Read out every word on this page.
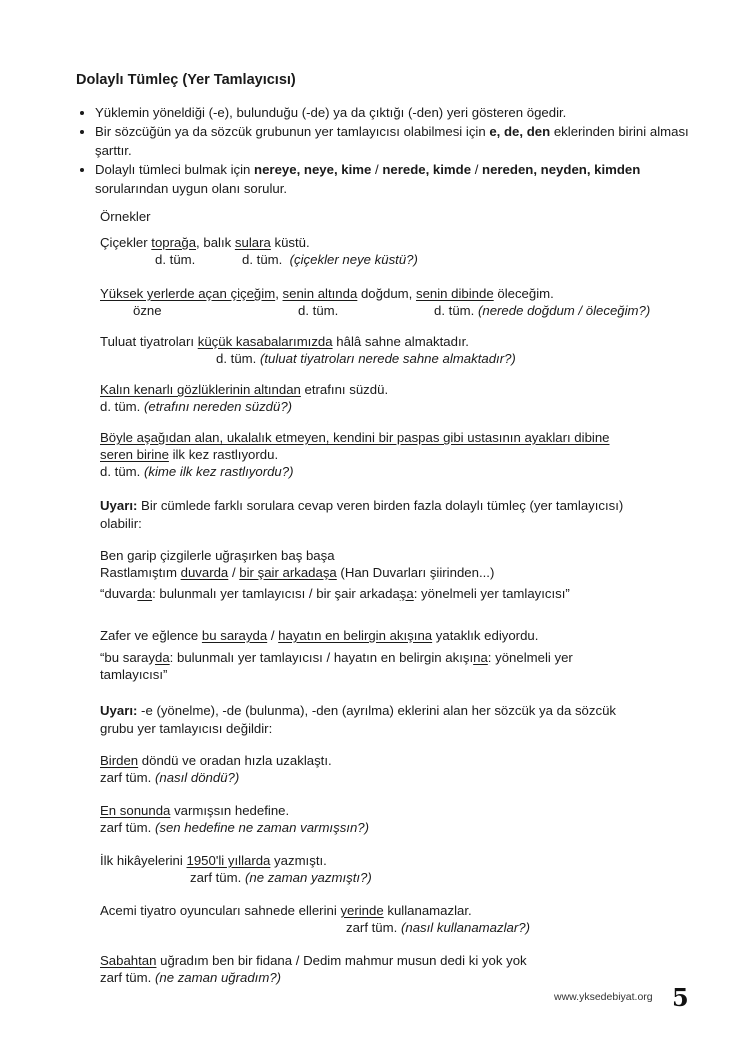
Dolaylı Tümleç (Yer Tamlayıcısı)
• Yüklemin yöneldiği (-e), bulunduğu (-de) ya da çıktığı (-den) yeri gösteren ögedir.
• Bir sözcüğün ya da sözcük grubunun yer tamlayıcısı olabilmesi için e, de, den eklerinden birini alması şarttır.
• Dolaylı tümleci bulmak için nereye, neye, kime / nerede, kimde / nereden, neyden, kimden sorularından uygun olanı sorulur.
Örnekler
Çiçekler toprağa, balık sulara küstü.
d. tüm.	d. tüm. (çiçekler neye küstü?)
Yüksek yerlerde açan çiçeğim, senin altında doğdum, senin dibinde öleceğim.
özne	d. tüm.	d. tüm. (nerede doğdum / öleceğim?)
Tuluat tiyatroları küçük kasabalarımızda hâlâ sahne almaktadır.
d. tüm. (tuluat tiyatroları nerede sahne almaktadır?)
Kalın kenarlı gözlüklerinin altından etrafını süzdü.
d. tüm. (etrafını nereden süzdü?)
Böyle aşağıdan alan, ukalalık etmeyen, kendini bir paspas gibi ustasının ayakları dibine
seren birine ilk kez rastlıyordu.
d. tüm. (kime ilk kez rastlıyordu?)
Uyarı: Bir cümlede farklı sorulara cevap veren birden fazla dolaylı tümleç (yer tamlayıcısı)
olabilir:
Ben garip çizgilerle uğraşırken baş başa
Rastlamıştım duvarda / bir şair arkadaşa (Han Duvarları şiirinden...)
“duvarda: bulunmalı yer tamlayıcısı / bir şair arkadaşa: yönelmeli yer tamlayıcısı”
Zafer ve eğlence bu sarayda / hayatın en belirgin akışına yataklık ediyordu.
“bu sarayda: bulunmalı yer tamlayıcısı / hayatın en belirgin akışına: yönelmeli yer
tamlayıcısı”
Uyarı: -e (yönelme), -de (bulunma), -den (ayrılma) eklerini alan her sözcük ya da sözcük
grubu yer tamlayıcısı değildir:
Birden döndü ve oradan hızla uzaklaştı.
zarf tüm. (nasıl döndü?)
En sonunda varmışsın hedefine.
zarf tüm. (sen hedefine ne zaman varmışsın?)
İlk hikâyelerini 1950'li yıllarda yazmıştı.
zarf tüm. (ne zaman yazmıştı?)
Acemi tiyatro oyuncuları sahnede ellerini yerinde kullanamazlar.
zarf tüm. (nasıl kullanamazlar?)
Sabahtan uğradım ben bir fidana / Dedim mahmur musun dedi ki yok yok
zarf tüm. (ne zaman uğradım?)
www.yksedebiyat.org 5
